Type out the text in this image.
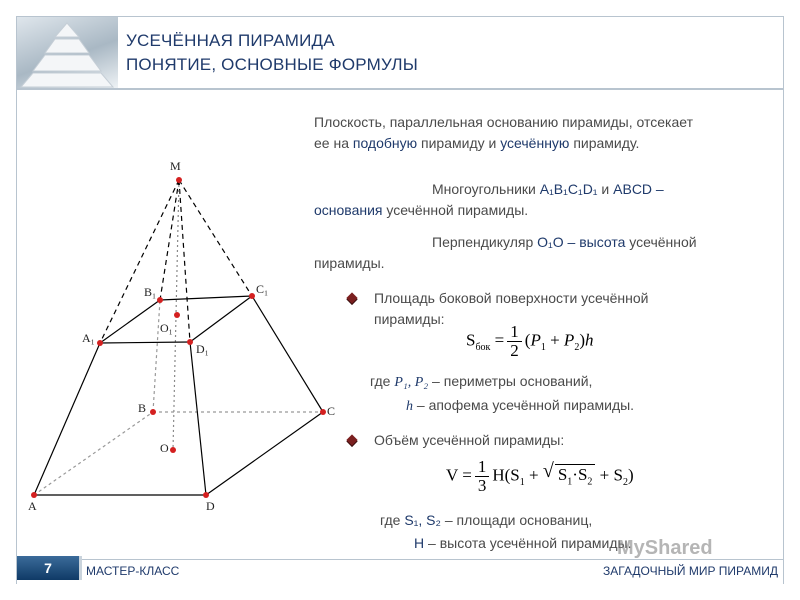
УСЕЧЁННАЯ ПИРАМИДА
ПОНЯТИЕ, ОСНОВНЫЕ ФОРМУЛЫ
M
A	D
C
B
A₁
B₁	C₁
D₁
O₁
O
Плоскость, параллельная основанию пирамиды, отсекает
ее на подобную пирамиду и усечённую пирамиду.
Многоугольники A₁B₁C₁D₁ и ABCD –
основания усечённой пирамиды.
Перпендикуляр O₁O – высота усечённой
пирамиды.
Площадь боковой поверхности усечённой
пирамиды:
$S_{бок} = \frac{1}{2} (P_1 + P_2)h$
где P₁, P₂ – периметры оснований,
h – апофема усечённой пирамиды.
Объём усечённой пирамиды:
$V = \frac{1}{3} H(S_1$ + √ $S_1\cdot S_2 + S_2$)
где S₁, S₂ – площади основаниц,
H – высота усечённой пирамиды.
7	МАСТЕР-КЛАСС	ЗАГАДОЧНЫЙ МИР ПИРАМИД
MyShared
